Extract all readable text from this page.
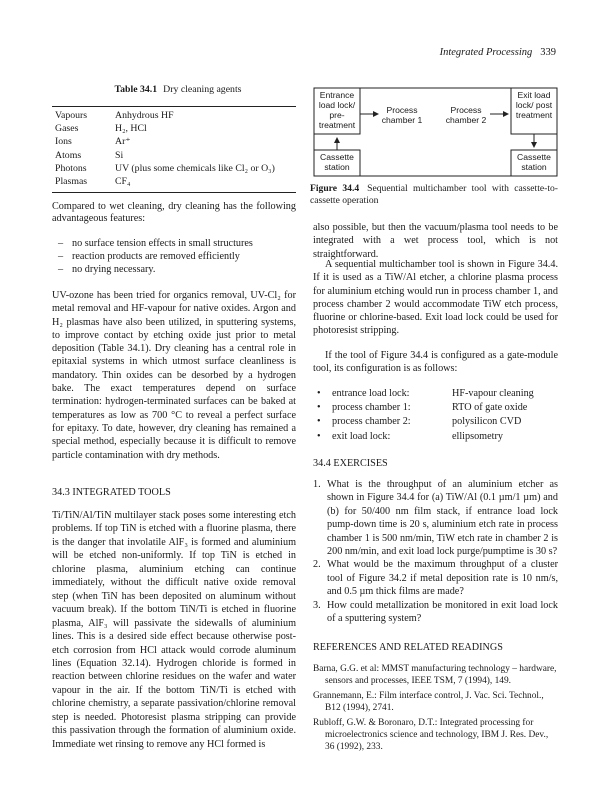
Integrated Processing 339
Table 34.1 Dry cleaning agents
Vapours	Anhydrous HF
Gases	H₂, HCl
Ions	Ar⁺
Atoms	Si
Photons	UV (plus some chemicals like Cl₂ or O₃)
Plasmas	CF₄

Compared to wet cleaning, dry cleaning has the following advantageous features:

– no surface tension effects in small structures
– reaction products are removed efficiently
– no drying necessary.

UV-ozone has been tried for organics removal, UV-Cl₂ for metal removal and HF-vapour for native oxides. Argon and H₂ plasmas have also been utilized, in sputtering systems, to improve contact by etching oxide just prior to metal deposition (Table 34.1). Dry cleaning has a central role in epitaxial systems in which utmost surface cleanliness is mandatory. Thin oxides can be desorbed by a hydrogen bake. The exact temperatures depend on surface termination: hydrogen-terminated surfaces can be baked at temperatures as low as 700 °C to reveal a perfect surface for epitaxy. To date, however, dry cleaning has remained a special method, especially because it is difficult to remove particle contamination with dry methods.

34.3 INTEGRATED TOOLS

Ti/TiN/Al/TiN multilayer stack poses some interesting etch problems. If top TiN is etched with a fluorine plasma, there is the danger that involatile AlF₃ is formed and aluminium will be etched non-uniformly. If top TiN is etched in chlorine plasma, aluminium etching can continue immediately, without the difficult native oxide removal step (when TiN has been deposited on aluminum without vacuum break). If the bottom TiN/Ti is etched in fluorine plasma, AlF₃ will passivate the sidewalls of aluminium lines. This is a desired side effect because otherwise post-etch corrosion from HCl attack would corrode aluminum lines (Equation 32.14). Hydrogen chloride is formed in reaction between chlorine residues on the wafer and water vapour in the air. If the bottom TiN/Ti is etched with chlorine chemistry, a separate passivation/chlorine removal step is needed. Photoresist plasma stripping can provide this passivation through the formation of aluminium oxide. Immediate wet rinsing to remove any HCl formed is

Entrance load lock/ pre-treatment
Process chamber 1
Process chamber 2
Exit load lock/ post treatment
Cassette station
Cassette station
Figure 34.4 Sequential multichamber tool with cassette-to-cassette operation

also possible, but then the vacuum/plasma tool needs to be integrated with a wet process tool, which is not straightforward.

A sequential multichamber tool is shown in Figure 34.4. If it is used as a TiW/Al etcher, a chlorine plasma process for aluminium etching would run in process chamber 1, and process chamber 2 would accommodate TiW etch process, fluorine or chlorine-based. Exit load lock could be used for photoresist stripping.

If the tool of Figure 34.4 is configured as a gate-module tool, its configuration is as follows:

•	entrance load lock:	HF-vapour cleaning
•	process chamber 1:	RTO of gate oxide
•	process chamber 2:	polysilicon CVD
•	exit load lock:	ellipsometry
34.4 EXERCISES
1. What is the throughput of an aluminium etcher as shown in Figure 34.4 for (a) TiW/Al (0.1 µm/1 µm) and (b) for 50/400 nm film stack, if entrance load lock pump-down time is 20 s, aluminium etch rate in process chamber 1 is 500 nm/min, TiW etch rate in chamber 2 is 200 nm/min, and exit load lock purge/pumptime is 30 s?
2. What would be the maximum throughput of a cluster tool of Figure 34.2 if metal deposition rate is 10 nm/s, and 0.5 µm thick films are made?
3. How could metallization be monitored in exit load lock of a sputtering system?
REFERENCES AND RELATED READINGS

Barna, G.G. et al: MMST manufacturing technology – hardware, sensors and processes, IEEE TSM, 7 (1994), 149.

Grannemann, E.: Film interface control, J. Vac. Sci. Technol., B12 (1994), 2741.

Rubloff, G.W. & Boronaro, D.T.: Integrated processing for microelectronics science and technology, IBM J. Res. Dev., 36 (1992), 233.
